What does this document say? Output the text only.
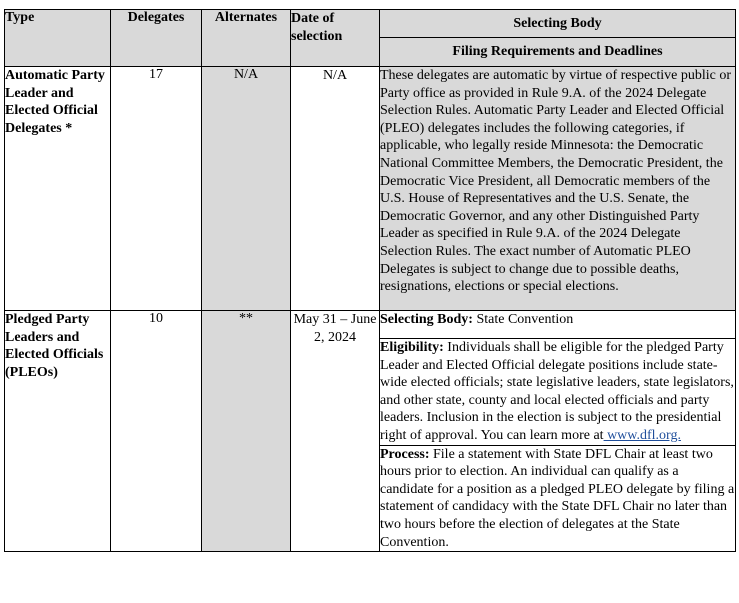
Type	Delegates	Alternates	Date of selection	Selecting Body
				Filing Requirements and Deadlines
Automatic Party Leader and Elected Official Delegates *	17	N/A	N/A	These delegates are automatic by virtue of respective public or Party office as provided in Rule 9.A. of the 2024 Delegate Selection Rules. Automatic Party Leader and Elected Official (PLEO) delegates includes the following categories, if applicable, who legally reside Minnesota: the Democratic National Committee Members, the Democratic President, the Democratic Vice President, all Democratic members of the U.S. House of Representatives and the U.S. Senate, the Democratic Governor, and any other Distinguished Party Leader as specified in Rule 9.A. of the 2024 Delegate Selection Rules. The exact number of Automatic PLEO Delegates is subject to change due to possible deaths, resignations, elections or special elections.
Pledged Party Leaders and Elected Officials (PLEOs)	10	**	May 31 – June 2, 2024	Selecting Body: State Convention
				Eligibility: Individuals shall be eligible for the pledged Party Leader and Elected Official delegate positions include state-wide elected officials; state legislative leaders, state legislators, and other state, county and local elected officials and party leaders. Inclusion in the election is subject to the presidential right of approval. You can learn more at www.dfl.org.
				Process: File a statement with State DFL Chair at least two hours prior to election. An individual can qualify as a candidate for a position as a pledged PLEO delegate by filing a statement of candidacy with the State DFL Chair no later than two hours before the election of delegates at the State Convention.
